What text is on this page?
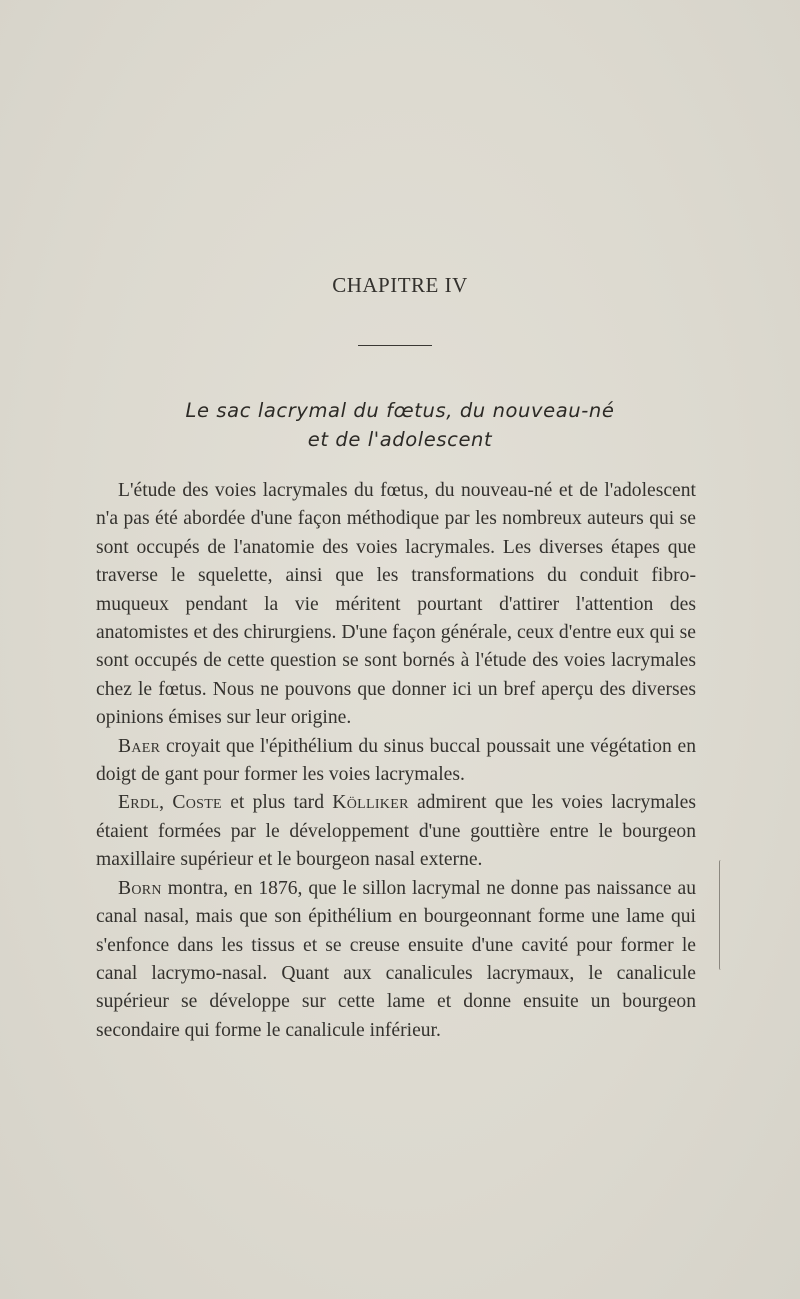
CHAPITRE IV
Le sac lacrymal du fœtus, du nouveau-né
et de l'adolescent

L'étude des voies lacrymales du fœtus, du nouveau-né et de l'adolescent n'a pas été abordée d'une façon méthodique par les nombreux auteurs qui se sont occupés de l'anatomie des voies lacrymales. Les diverses étapes que traverse le squelette, ainsi que les transformations du conduit fibro-muqueux pendant la vie méritent pourtant d'attirer l'attention des anatomistes et des chirurgiens. D'une façon générale, ceux d'entre eux qui se sont occupés de cette question se sont bornés à l'étude des voies lacrymales chez le fœtus. Nous ne pouvons que donner ici un bref aperçu des diverses opinions émises sur leur origine.

Baer croyait que l'épithélium du sinus buccal poussait une végétation en doigt de gant pour former les voies lacrymales.

Erdl, Coste et plus tard Kölliker admirent que les voies lacrymales étaient formées par le développement d'une gouttière entre le bourgeon maxillaire supérieur et le bourgeon nasal externe.

Born montra, en 1876, que le sillon lacrymal ne donne pas naissance au canal nasal, mais que son épithélium en bourgeonnant forme une lame qui s'enfonce dans les tissus et se creuse ensuite d'une cavité pour former le canal lacrymo-nasal. Quant aux canalicules lacrymaux, le canalicule supérieur se développe sur cette lame et donne ensuite un bourgeon secondaire qui forme le canalicule inférieur.
